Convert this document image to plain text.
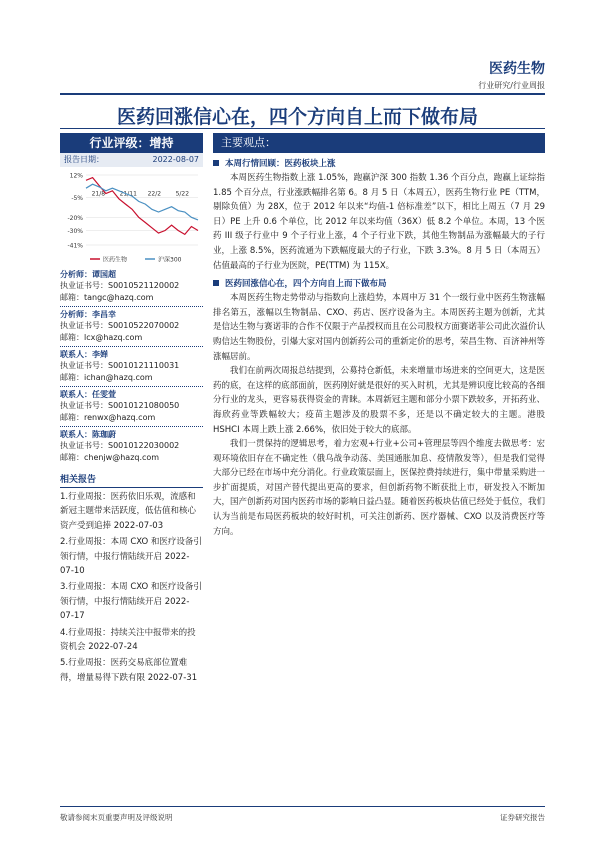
医药生物
行业研究/行业周报
医药回涨信心在，四个方向自上而下做布局
行业评级：增持
报告日期：	2022-08-07
12%
-5%
-20%
-30%
-41%
21/8 21/11 22/2 5/22
医药生物	沪深300
分析师：谭国超
执业证书号：S0010521120002
邮箱：tangc@hazq.com
分析师：李昌幸
执业证书号：S0010522070002
邮箱：lcx@hazq.com
联系人：李婵
执业证书号：S0010121110031
邮箱：ichan@hazq.com
联系人：任雯萱
执业证书号：S0010121080050
邮箱：renwx@hazq.com
联系人：陈珈蔚
执业证书号：S0010122030002
邮箱：chenjw@hazq.com
相关报告
1.行业周报：医药依旧乐观，流感和新冠主题带来活跃度，低估值和核心资产受到追捧 2022-07-03
2.行业周报：本周 CXO 和医疗设备引领行情，中报行情陆续开启 2022-07-10
3.行业周报：本周 CXO 和医疗设备引领行情，中报行情陆续开启 2022-07-17
4.行业周报：持续关注中报带来的投资机会 2022-07-24
5.行业周报：医药交易底部位置难得，增量易得下跌有限 2022-07-31
主要观点：
本周行情回顾：医药板块上涨

本周医药生物指数上涨 1.05%，跑赢沪深 300 指数 1.36 个百分点，跑赢上证综指 1.85 个百分点，行业涨跌幅排名第 6。8 月 5 日（本周五），医药生物行业 PE（TTM，剔除负值）为 28X，位于 2012 年以来“均值-1 倍标准差”以下，相比上周五（7 月 29 日）PE 上升 0.6 个单位，比 2012 年以来均值（36X）低 8.2 个单位。本周，13 个医药 III 级子行业中 9 个子行业上涨，4 个子行业下跌，其他生物制品为涨幅最大的子行业，上涨 8.5%，医药流通为下跌幅度最大的子行业，下跌 3.3%。8 月 5 日（本周五）估值最高的子行业为医院，PE(TTM) 为 115X。

医药回涨信心在，四个方向自上而下做布局

本周医药生物走势带动与指数向上涨趋势，本周申万 31 个一级行业中医药生物涨幅排名第五，涨幅以生物制品、CXO、药店、医疗设备为主。本周医药主题为创新，尤其是信达生物与赛诺菲的合作不仅限于产品授权而且在公司股权方面赛诺菲公司此次溢价认购信达生物股份，引爆大家对国内创新药公司的重新定价的思考，荣昌生物、百济神州等涨幅居前。

我们在前两次周报总结提到，公募持仓新低，未来增量市场进来的空间更大，这是医药的底，在这样的底部面前，医药刚好就是很好的买入时机，尤其是辨识度比较高的各细分行业的龙头，更容易获得资金的青睐。本周新冠主题和部分小票下跌较多，开拓药业、海欣药业等跌幅较大；疫苗主题涉及的股票不多，还是以不确定较大的主题。港股 HSHCI 本周上跌上涨 2.66%，依旧处于较大的底部。

我们一贯保持的逻辑思考，着力宏观+行业+公司+管理层等四个维度去做思考：宏观环境依旧存在不确定性（俄乌战争动荡、美国通胀加息、疫情散发等），但是我们觉得大部分已经在市场中充分消化。行业政策层面上，医保控费持续进行，集中带量采购进一步扩面提质，对国产替代提出更高的要求，但创新药物不断获批上市，研发投入不断加大，国产创新药对国内医药市场的影响日益凸显。随着医药板块估值已经处于低位，我们认为当前是布局医药板块的较好时机，可关注创新药、医疗器械、CXO 以及消费医疗等方向。

敬请参阅末页重要声明及评级说明	证券研究报告
